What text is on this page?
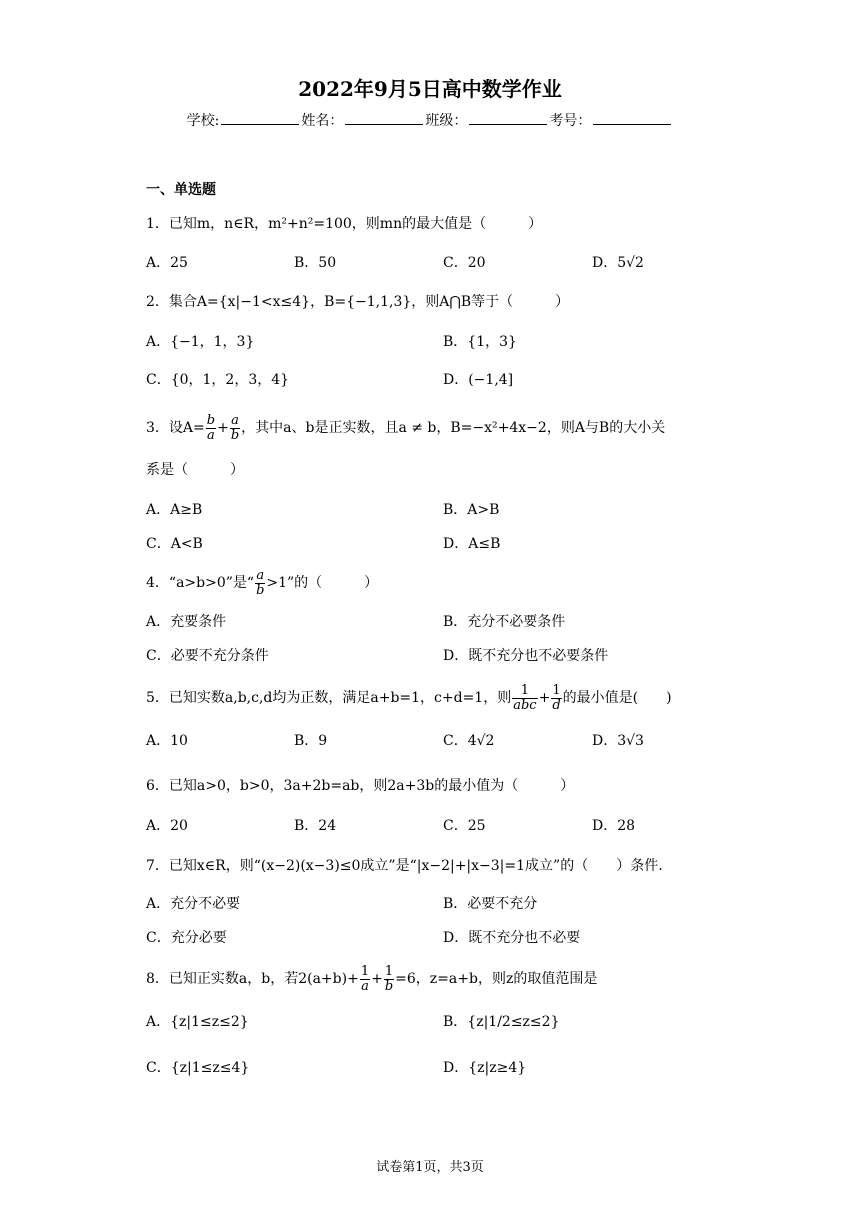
2022年9月5日高中数学作业
学校:	姓名：	班级：	考号：
一、单选题
1．已知m，n∈R，m²+n²=100，则mn的最大值是（　　　）
A．25	B．50	C．20	D．5√2
2．集合A={x|−1<x≤4}，B={−1,1,3}，则A⋂B等于（　　　）
A．{−1，1，3}	B．{1，3}
C．{0，1，2，3，4}	D．(−1,4]
3．设$A= \frac{b}{a} + \frac{a}{b}$ ，其中a、b是正实数，且a ≠ b，B=−x²+4x−2，则A与B的大小关
系是（　　　）
A．A≥B	B．A>B
C．A<B	D．A≤B
4．“a>b>0”是“ $\frac{a}{b} >1$”的（　　　）
A．充要条件	B．充分不必要条件
C．必要不充分条件	D．既不充分也不必要条件
5．已知实数a,b,c,d均为正数，满足a+b=1，c+d=1，则 $\frac{1}{\text{abc}} + \frac{1}{d}$ 的最小值是(　　)
A．10	B．9	C．4√2	D．3√3
6．已知a>0，b>0，3a+2b=ab，则2a+3b的最小值为（　　　）
A．20	B．24	C．25	D．28
7．已知x∈R，则“(x−2)(x−3)≤0成立”是“|x−2|+|x−3|=1成立”的（　　）条件.
A．充分不必要	B．必要不充分
C．充分必要	D．既不充分也不必要
8．已知正实数a，b，若$2(a+b)+ \frac{1}{a} + \frac{1}{b} =6$，z=a+b，则z的取值范围是
A．{z|1≤z≤2}	B．{z|1/2≤z≤2}
C．{z|1≤z≤4}	D．{z|z≥4}
试卷第1页，共3页
